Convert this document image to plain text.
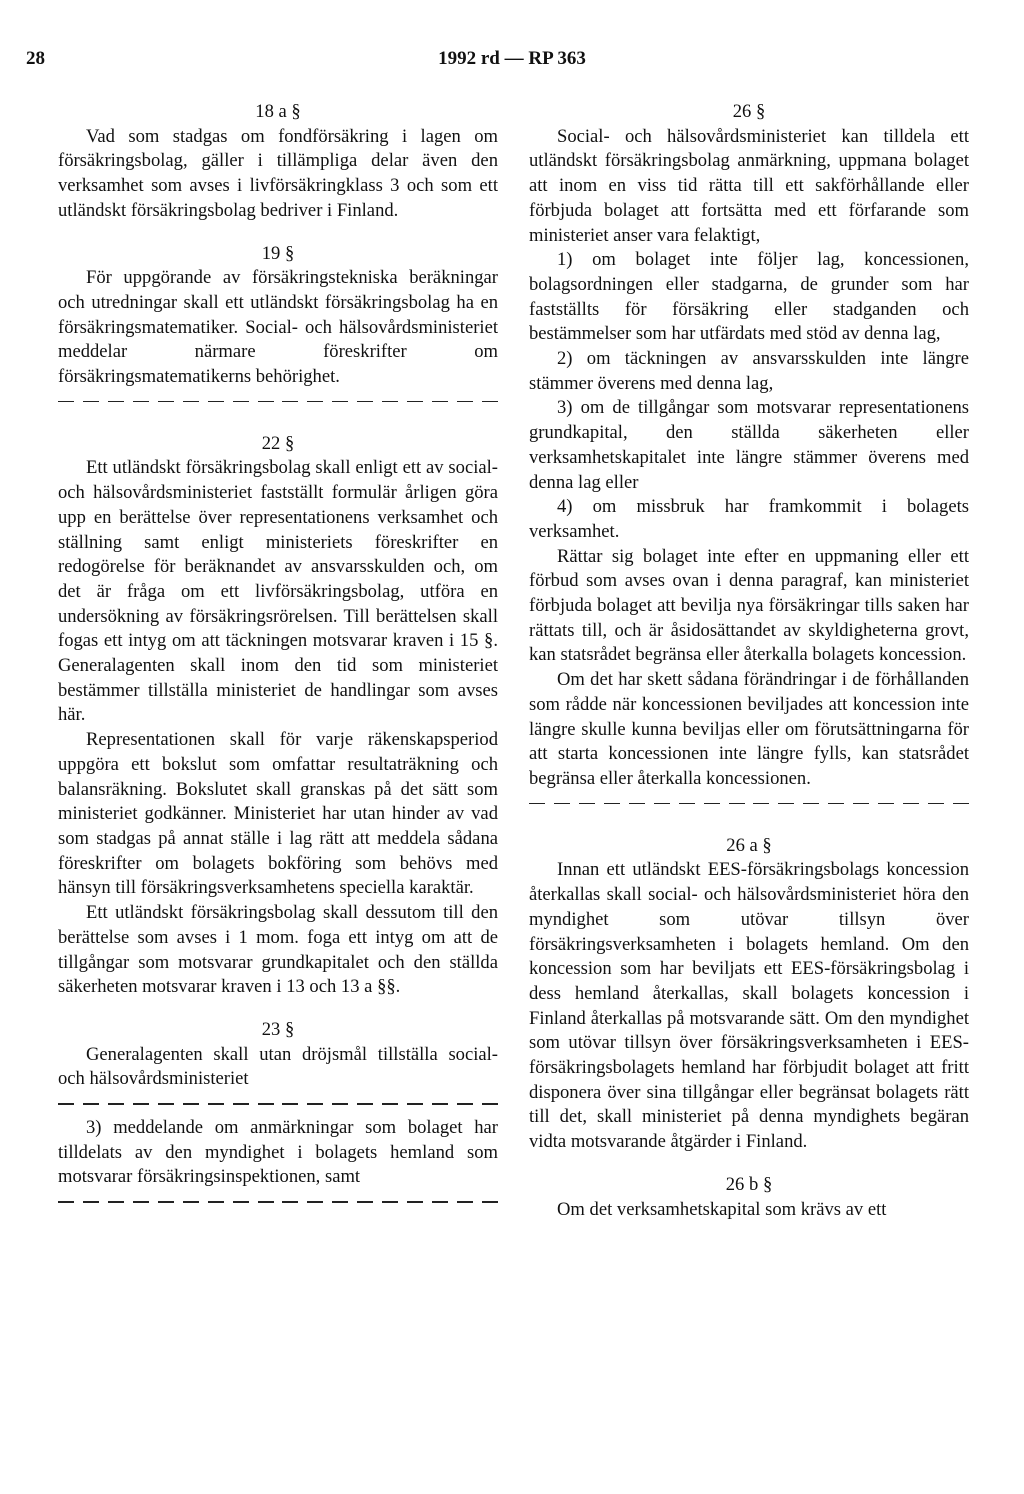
28	1992 rd — RP 363
18 a §

Vad som stadgas om fondförsäkring i lagen om försäkringsbolag, gäller i tillämpliga delar även den verksamhet som avses i livförsäkringklass 3 och som ett utländskt försäkringsbolag bedriver i Finland.

19 §

För uppgörande av försäkringstekniska beräkningar och utredningar skall ett utländskt försäkringsbolag ha en försäkringsmatematiker. Social- och hälsovårdsministeriet meddelar närmare föreskrifter om försäkringsmatematikerns behörighet.

22 §

Ett utländskt försäkringsbolag skall enligt ett av social- och hälsovårdsministeriet fastställt formulär årligen göra upp en berättelse över representationens verksamhet och ställning samt enligt ministeriets föreskrifter en redogörelse för beräknandet av ansvarsskulden och, om det är fråga om ett livförsäkringsbolag, utföra en undersökning av försäkringsrörelsen. Till berättelsen skall fogas ett intyg om att täckningen motsvarar kraven i 15 §. Generalagenten skall inom den tid som ministeriet bestämmer tillställa ministeriet de handlingar som avses här.

Representationen skall för varje räkenskapsperiod uppgöra ett bokslut som omfattar resultaträkning och balansräkning. Bokslutet skall granskas på det sätt som ministeriet godkänner. Ministeriet har utan hinder av vad som stadgas på annat ställe i lag rätt att meddela sådana föreskrifter om bolagets bokföring som behövs med hänsyn till försäkringsverksamhetens speciella karaktär.

Ett utländskt försäkringsbolag skall dessutom till den berättelse som avses i 1 mom. foga ett intyg om att de tillgångar som motsvarar grundkapitalet och den ställda säkerheten motsvarar kraven i 13 och 13 a §§.

23 §

Generalagenten skall utan dröjsmål tillställa social- och hälsovårdsministeriet

3) meddelande om anmärkningar som bolaget har tilldelats av den myndighet i bolagets hemland som motsvarar försäkringsinspektionen, samt

26 §

Social- och hälsovårdsministeriet kan tilldela ett utländskt försäkringsbolag anmärkning, uppmana bolaget att inom en viss tid rätta till ett sakförhållande eller förbjuda bolaget att fortsätta med ett förfarande som ministeriet anser vara felaktigt,

1) om bolaget inte följer lag, koncessionen, bolagsordningen eller stadgarna, de grunder som har fastställts för försäkring eller stadganden och bestämmelser som har utfärdats med stöd av denna lag,

2) om täckningen av ansvarsskulden inte längre stämmer överens med denna lag,

3) om de tillgångar som motsvarar representationens grundkapital, den ställda säkerheten eller verksamhetskapitalet inte längre stämmer överens med denna lag eller

4) om missbruk har framkommit i bolagets verksamhet.

Rättar sig bolaget inte efter en uppmaning eller ett förbud som avses ovan i denna paragraf, kan ministeriet förbjuda bolaget att bevilja nya försäkringar tills saken har rättats till, och är åsidosättandet av skyldigheterna grovt, kan statsrådet begränsa eller återkalla bolagets koncession.

Om det har skett sådana förändringar i de förhållanden som rådde när koncessionen beviljades att koncession inte längre skulle kunna beviljas eller om förutsättningarna för att starta koncessionen inte längre fylls, kan statsrådet begränsa eller återkalla koncessionen.

26 a §

Innan ett utländskt EES-försäkringsbolags koncession återkallas skall social- och hälsovårdsministeriet höra den myndighet som utövar tillsyn över försäkringsverksamheten i bolagets hemland. Om den koncession som har beviljats ett EES-försäkringsbolag i dess hemland återkallas, skall bolagets koncession i Finland återkallas på motsvarande sätt. Om den myndighet som utövar tillsyn över försäkringsverksamheten i EES-försäkringsbolagets hemland har förbjudit bolaget att fritt disponera över sina tillgångar eller begränsat bolagets rätt till det, skall ministeriet på denna myndighets begäran vidta motsvarande åtgärder i Finland.

26 b §

Om det verksamhetskapital som krävs av ett
